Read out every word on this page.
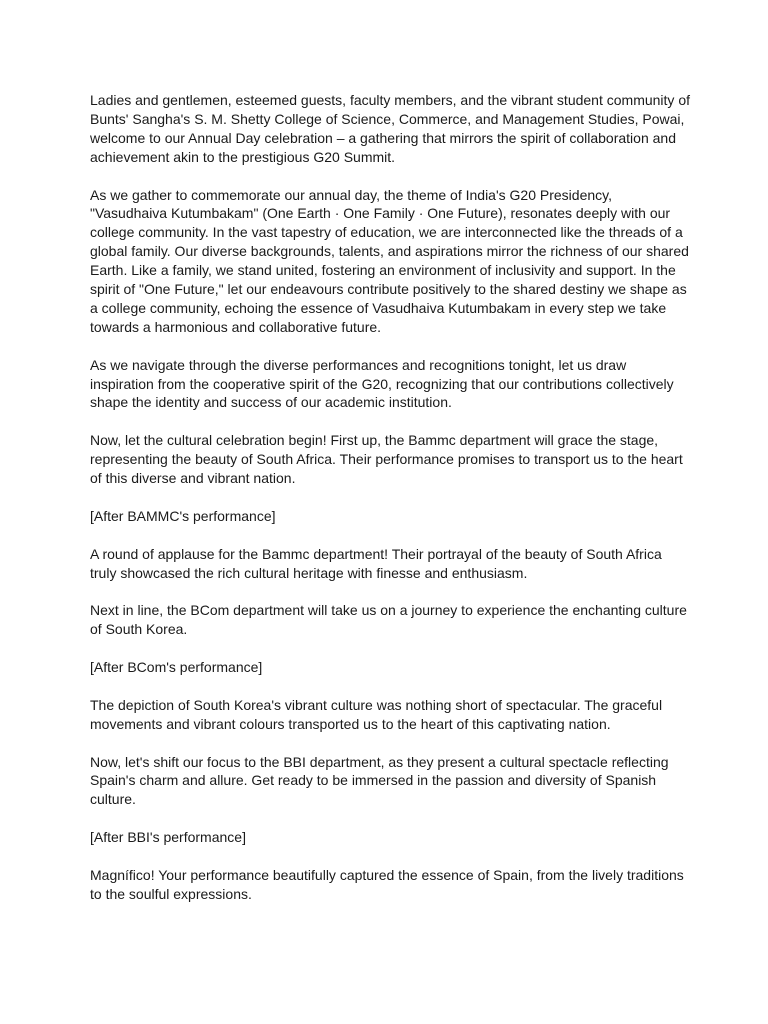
Ladies and gentlemen, esteemed guests, faculty members, and the vibrant student community of Bunts' Sangha's S. M. Shetty College of Science, Commerce, and Management Studies, Powai, welcome to our Annual Day celebration – a gathering that mirrors the spirit of collaboration and achievement akin to the prestigious G20 Summit.

As we gather to commemorate our annual day, the theme of India's G20 Presidency, "Vasudhaiva Kutumbakam" (One Earth · One Family · One Future), resonates deeply with our college community. In the vast tapestry of education, we are interconnected like the threads of a global family. Our diverse backgrounds, talents, and aspirations mirror the richness of our shared Earth. Like a family, we stand united, fostering an environment of inclusivity and support. In the spirit of "One Future," let our endeavours contribute positively to the shared destiny we shape as a college community, echoing the essence of Vasudhaiva Kutumbakam in every step we take towards a harmonious and collaborative future.

As we navigate through the diverse performances and recognitions tonight, let us draw inspiration from the cooperative spirit of the G20, recognizing that our contributions collectively shape the identity and success of our academic institution.

Now, let the cultural celebration begin! First up, the Bammc department will grace the stage, representing the beauty of South Africa. Their performance promises to transport us to the heart of this diverse and vibrant nation.

[After BAMMC's performance]

A round of applause for the Bammc department! Their portrayal of the beauty of South Africa truly showcased the rich cultural heritage with finesse and enthusiasm.

Next in line, the BCom department will take us on a journey to experience the enchanting culture of South Korea.

[After BCom's performance]

The depiction of South Korea's vibrant culture was nothing short of spectacular. The graceful movements and vibrant colours transported us to the heart of this captivating nation.

Now, let's shift our focus to the BBI department, as they present a cultural spectacle reflecting Spain's charm and allure. Get ready to be immersed in the passion and diversity of Spanish culture.

[After BBI's performance]

Magnífico! Your performance beautifully captured the essence of Spain, from the lively traditions to the soulful expressions.
